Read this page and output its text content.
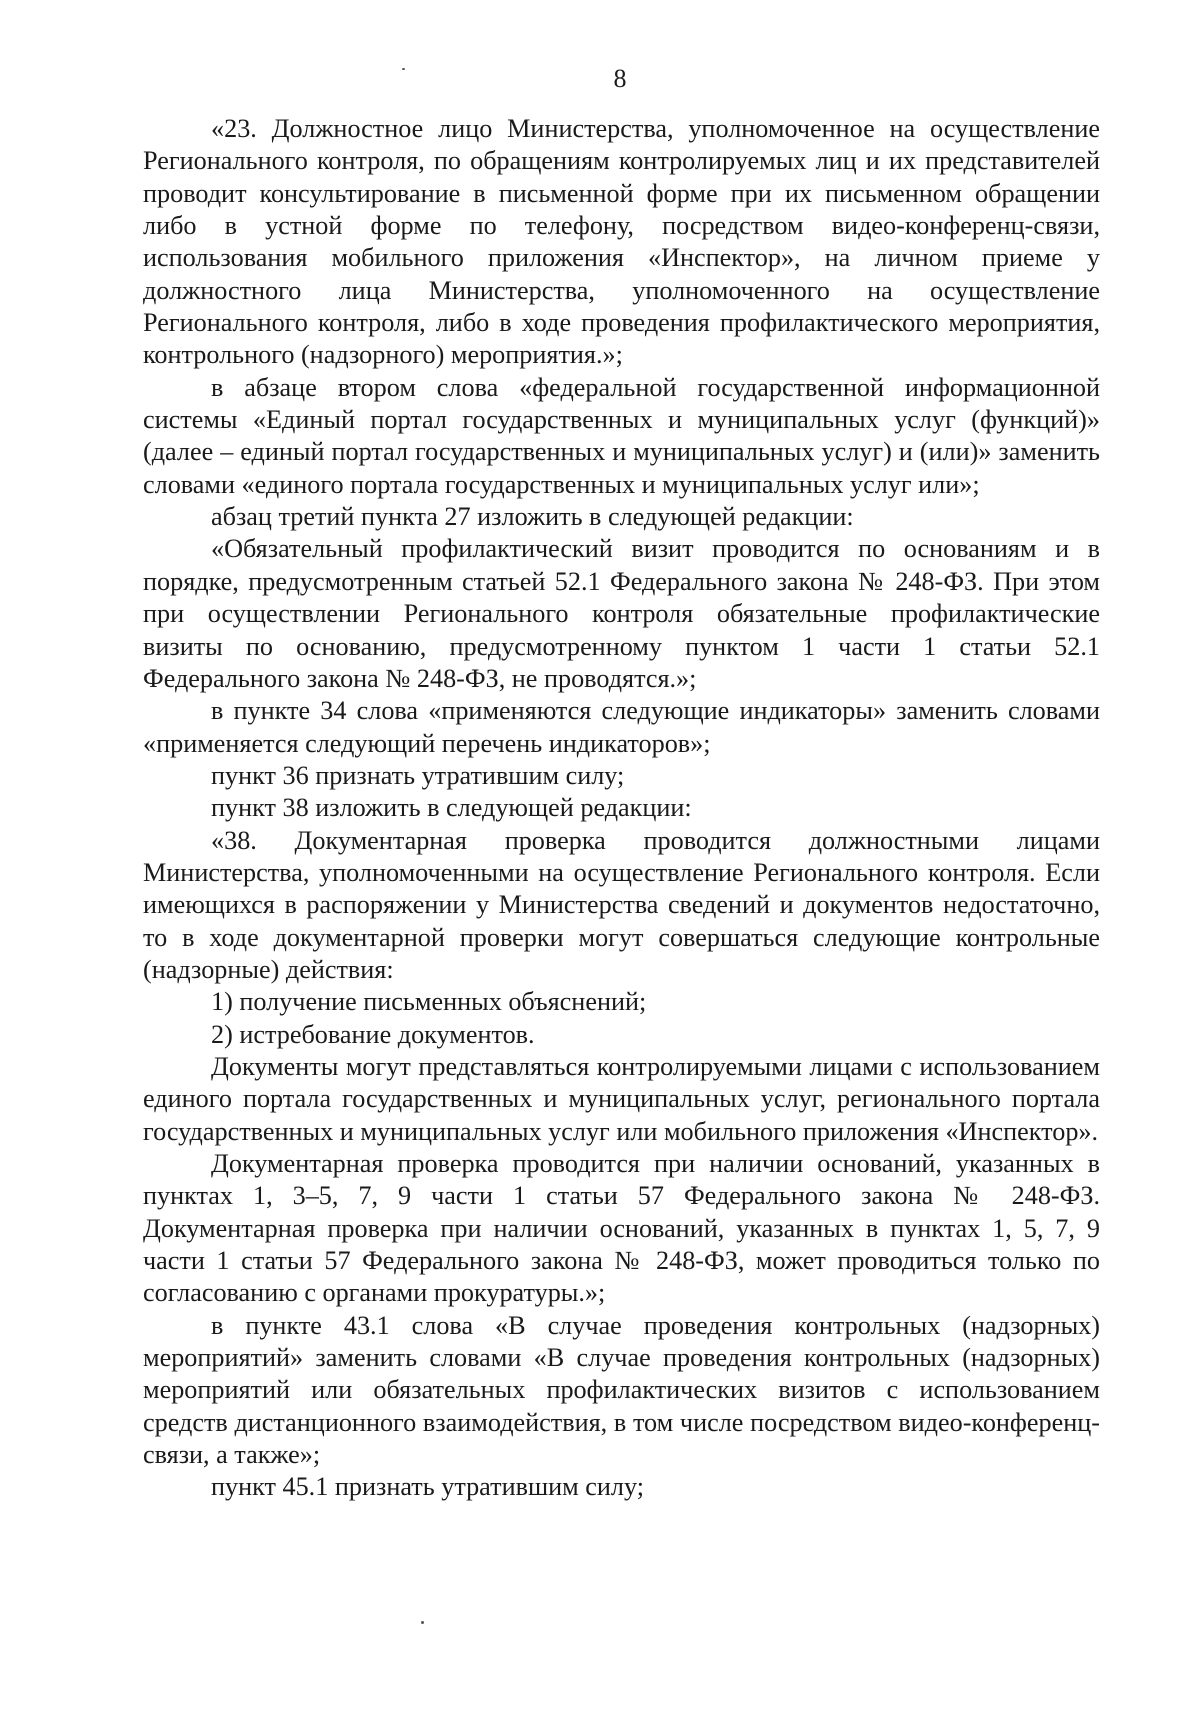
8

«23. Должностное лицо Министерства, уполномоченное на осуществление Регионального контроля, по обращениям контролируемых лиц и их представителей проводит консультирование в письменной форме при их письменном обращении либо в устной форме по телефону, посредством видео-конференц-связи, использования мобильного приложения «Инспектор», на личном приеме у должностного лица Министерства, уполномоченного на осуществление Регионального контроля, либо в ходе проведения профилактического мероприятия, контрольного (надзорного) мероприятия.»;

в абзаце втором слова «федеральной государственной информационной системы «Единый портал государственных и муниципальных услуг (функций)» (далее – единый портал государственных и муниципальных услуг) и (или)» заменить словами «единого портала государственных и муниципальных услуг или»;

абзац третий пункта 27 изложить в следующей редакции:

«Обязательный профилактический визит проводится по основаниям и в порядке, предусмотренным статьей 52.1 Федерального закона № 248-ФЗ. При этом при осуществлении Регионального контроля обязательные профилактические визиты по основанию, предусмотренному пунктом 1 части 1 статьи 52.1 Федерального закона № 248-ФЗ, не проводятся.»;

в пункте 34 слова «применяются следующие индикаторы» заменить словами «применяется следующий перечень индикаторов»;

пункт 36 признать утратившим силу;

пункт 38 изложить в следующей редакции:

«38. Документарная проверка проводится должностными лицами Министерства, уполномоченными на осуществление Регионального контроля. Если имеющихся в распоряжении у Министерства сведений и документов недостаточно, то в ходе документарной проверки могут совершаться следующие контрольные (надзорные) действия:

1) получение письменных объяснений;

2) истребование документов.

Документы могут представляться контролируемыми лицами с использованием единого портала государственных и муниципальных услуг, регионального портала государственных и муниципальных услуг или мобильного приложения «Инспектор».

Документарная проверка проводится при наличии оснований, указанных в пунктах 1, 3–5, 7, 9 части 1 статьи 57 Федерального закона № 248-ФЗ. Документарная проверка при наличии оснований, указанных в пунктах 1, 5, 7, 9 части 1 статьи 57 Федерального закона № 248-ФЗ, может проводиться только по согласованию с органами прокуратуры.»;

в пункте 43.1 слова «В случае проведения контрольных (надзорных) мероприятий» заменить словами «В случае проведения контрольных (надзорных) мероприятий или обязательных профилактических визитов с использованием средств дистанционного взаимодействия, в том числе посредством видео-конференц-связи, а также»;

пункт 45.1 признать утратившим силу;
